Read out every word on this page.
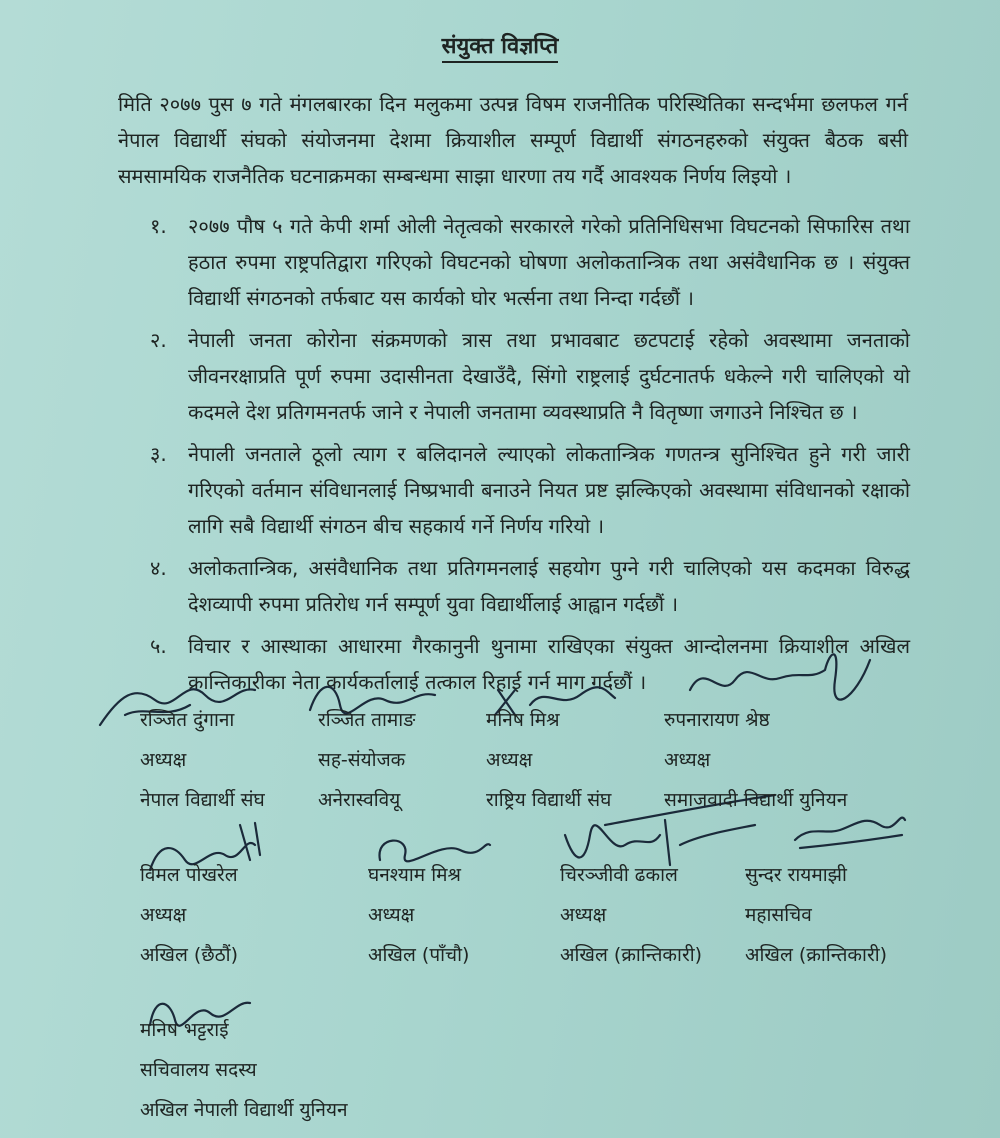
संयुक्त विज्ञप्ति
मिति २०७७ पुस ७ गते मंगलबारका दिन मलुकमा उत्पन्न विषम राजनीतिक परिस्थितिका सन्दर्भमा छलफल गर्न नेपाल विद्यार्थी संघको संयोजनमा देशमा क्रियाशील सम्पूर्ण विद्यार्थी संगठनहरुको संयुक्त बैठक बसी समसामयिक राजनैतिक घटनाक्रमका सम्बन्धमा साझा धारणा तय गर्दै आवश्यक निर्णय लिइयो ।
१. २०७७ पौष ५ गते केपी शर्मा ओली नेतृत्वको सरकारले गरेको प्रतिनिधिसभा विघटनको सिफारिस तथा हठात रुपमा राष्ट्रपतिद्वारा गरिएको विघटनको घोषणा अलोकतान्त्रिक तथा असंवैधानिक छ । संयुक्त विद्यार्थी संगठनको तर्फबाट यस कार्यको घोर भर्त्सना तथा निन्दा गर्दछौं ।
२. नेपाली जनता कोरोना संक्रमणको त्रास तथा प्रभावबाट छटपटाई रहेको अवस्थामा जनताको जीवनरक्षाप्रति पूर्ण रुपमा उदासीनता देखाउँदै, सिंगो राष्ट्रलाई दुर्घटनातर्फ धकेल्ने गरी चालिएको यो कदमले देश प्रतिगमनतर्फ जाने र नेपाली जनतामा व्यवस्थाप्रति नै वितृष्णा जगाउने निश्चित छ ।
३. नेपाली जनताले ठूलो त्याग र बलिदानले ल्याएको लोकतान्त्रिक गणतन्त्र सुनिश्चित हुने गरी जारी गरिएको वर्तमान संविधानलाई निष्प्रभावी बनाउने नियत प्रष्ट झल्किएको अवस्थामा संविधानको रक्षाको लागि सबै विद्यार्थी संगठन बीच सहकार्य गर्ने निर्णय गरियो ।
४. अलोकतान्त्रिक, असंवैधानिक तथा प्रतिगमनलाई सहयोग पुग्ने गरी चालिएको यस कदमका विरुद्ध देशव्यापी रुपमा प्रतिरोध गर्न सम्पूर्ण युवा विद्यार्थीलाई आह्वान गर्दछौं ।
५. विचार र आस्थाका आधारमा गैरकानुनी थुनामा राखिएका संयुक्त आन्दोलनमा क्रियाशील अखिल क्रान्तिकारीका नेता कार्यकर्तालाई तत्काल रिहाई गर्न माग गर्दछौं ।
रञ्जित दुंगाना
अध्यक्ष
नेपाल विद्यार्थी संघ
रञ्जित तामाङ
सह-संयोजक
अनेरास्ववियू
मनिष मिश्र
अध्यक्ष
राष्ट्रिय विद्यार्थी संघ
रुपनारायण श्रेष्ठ
अध्यक्ष
समाजवादी विद्यार्थी युनियन
विमल पोखरेल
अध्यक्ष
अखिल (छैठौं)
घनश्याम मिश्र
अध्यक्ष
अखिल (पाँचौ)
चिरञ्जीवी ढकाल
अध्यक्ष
अखिल (क्रान्तिकारी)
सुन्दर रायमाझी
महासचिव
अखिल (क्रान्तिकारी)
मनिष भट्टराई
सचिवालय सदस्य
अखिल नेपाली विद्यार्थी युनियन
